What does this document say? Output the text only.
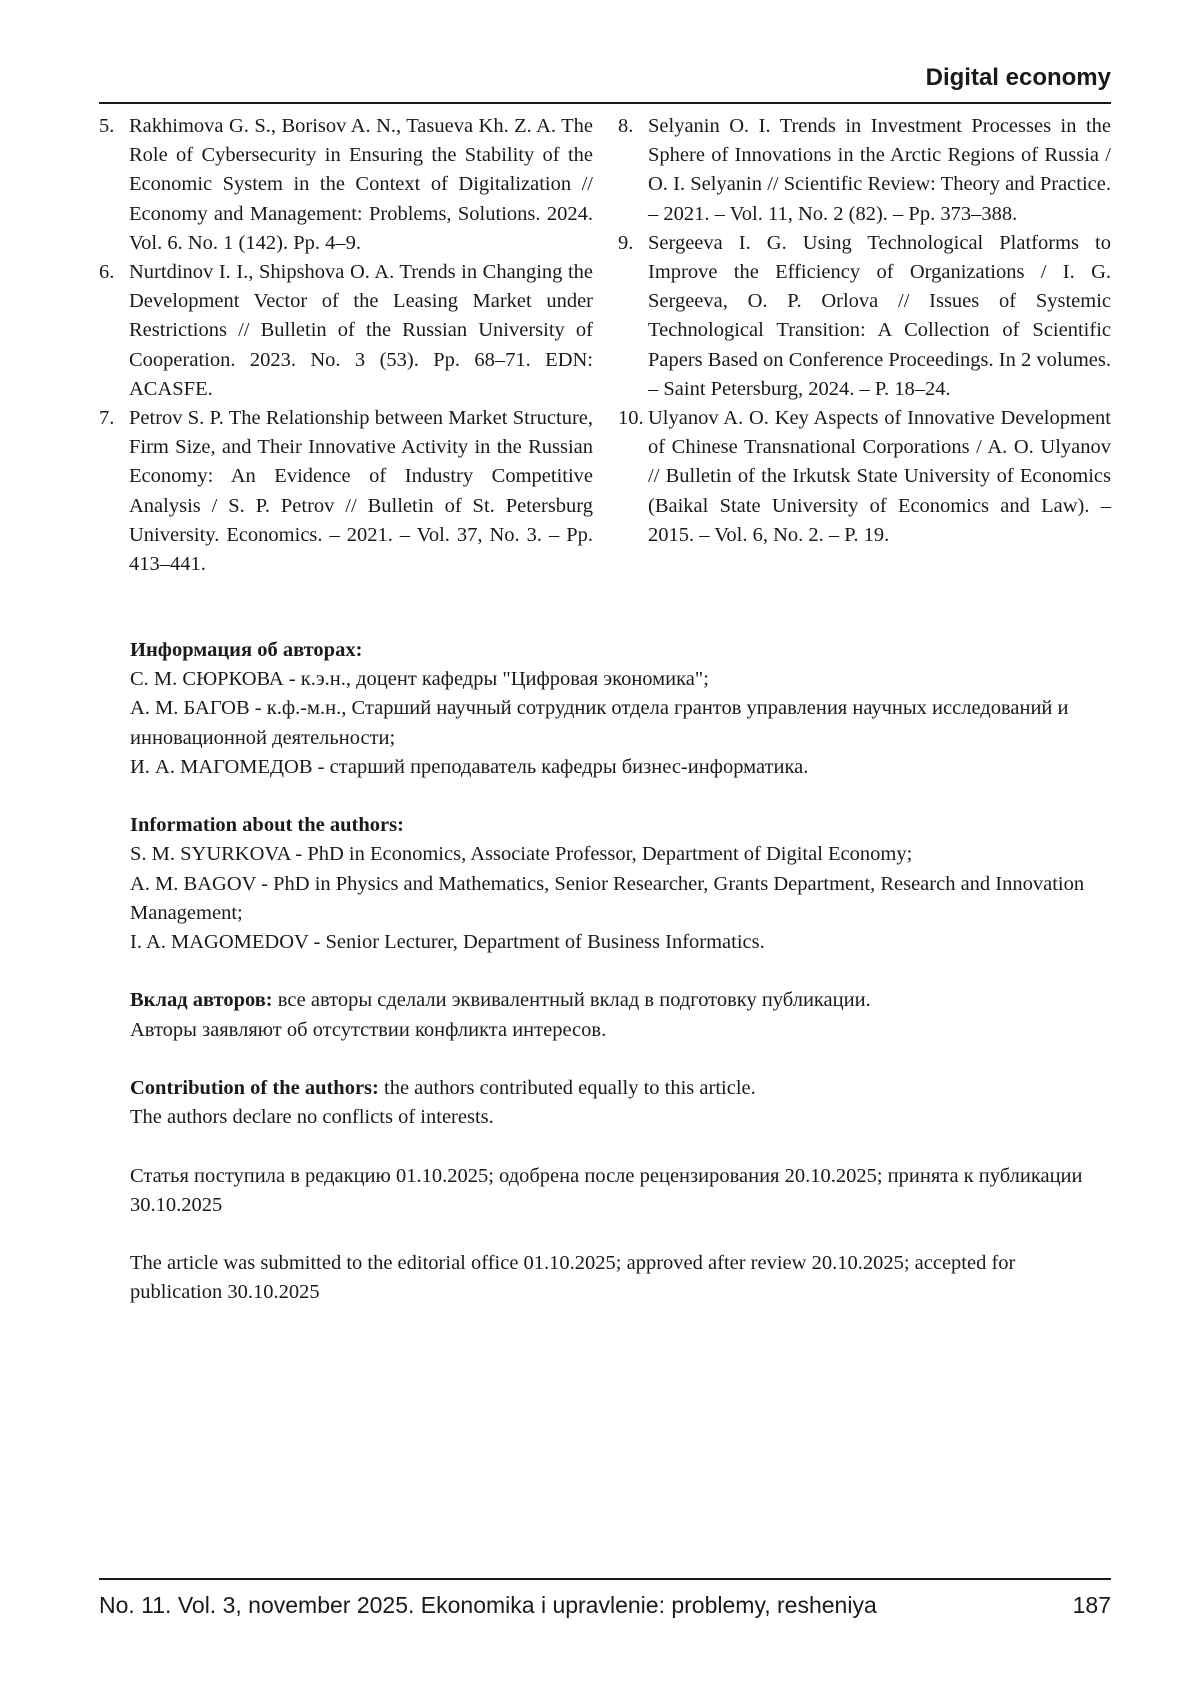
Digital economy
5. Rakhimova G. S., Borisov A. N., Tasueva Kh. Z. A. The Role of Cybersecurity in Ensuring the Stability of the Economic System in the Context of Digitalization // Economy and Management: Problems, Solutions. 2024. Vol. 6. No. 1 (142). Pp. 4–9.
6. Nurtdinov I. I., Shipshova O. A. Trends in Changing the Development Vector of the Leasing Market under Restrictions // Bulletin of the Russian University of Cooperation. 2023. No. 3 (53). Pp. 68–71. EDN: ACASFE.
7. Petrov S. P. The Relationship between Market Structure, Firm Size, and Their Innovative Activity in the Russian Economy: An Evidence of Industry Competitive Analysis / S. P. Petrov // Bulletin of St. Petersburg University. Economics. – 2021. – Vol. 37, No. 3. – Pp. 413–441.
8. Selyanin O. I. Trends in Investment Processes in the Sphere of Innovations in the Arctic Regions of Russia / O. I. Selyanin // Scientific Review: Theory and Practice. – 2021. – Vol. 11, No. 2 (82). – Pp. 373–388.
9. Sergeeva I. G. Using Technological Platforms to Improve the Efficiency of Organizations / I. G. Sergeeva, O. P. Orlova // Issues of Systemic Technological Transition: A Collection of Scientific Papers Based on Conference Proceedings. In 2 volumes. – Saint Petersburg, 2024. – P. 18–24.
10. Ulyanov A. O. Key Aspects of Innovative Development of Chinese Transnational Corporations / A. O. Ulyanov // Bulletin of the Irkutsk State University of Economics (Baikal State University of Economics and Law). – 2015. – Vol. 6, No. 2. – P. 19.

Информация об авторах:

С. М. СЮРКОВА - к.э.н., доцент кафедры "Цифровая экономика";

А. М. БАГОВ - к.ф.-м.н., Старший научный сотрудник отдела грантов управления научных исследований и инновационной деятельности;

И. А. МАГОМЕДОВ - старший преподаватель кафедры бизнес-информатика.

Information about the authors:

S. M. SYURKOVA - PhD in Economics, Associate Professor, Department of Digital Economy;

A. M. BAGOV - PhD in Physics and Mathematics, Senior Researcher, Grants Department, Research and Innovation Management;

I. A. MAGOMEDOV - Senior Lecturer, Department of Business Informatics.

Вклад авторов: все авторы сделали эквивалентный вклад в подготовку публикации.

Авторы заявляют об отсутствии конфликта интересов.

Contribution of the authors: the authors contributed equally to this article.

The authors declare no conflicts of interests.

Статья поступила в редакцию 01.10.2025; одобрена после рецензирования 20.10.2025; принята к публикации 30.10.2025

The article was submitted to the editorial office 01.10.2025; approved after review 20.10.2025; accepted for publication 30.10.2025

No. 11. Vol. 3, november 2025. Ekonomika i upravlenie: problemy, resheniya	187
